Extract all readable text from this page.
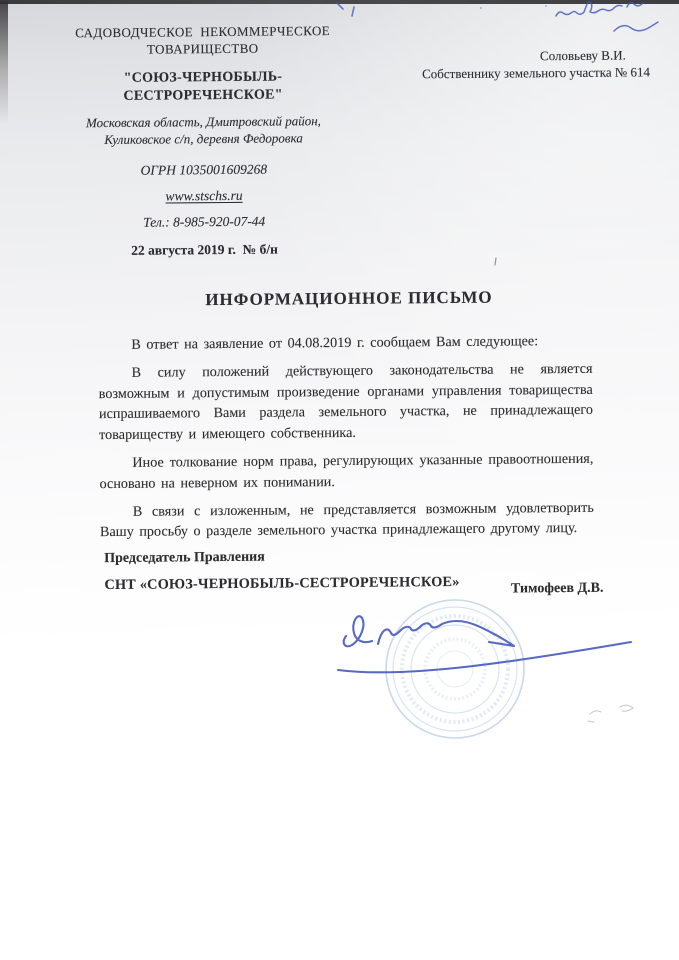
САДОВОДЧЕСКОЕ  НЕКОММЕРЧЕСКОЕ
ТОВАРИЩЕСТВО
"СОЮЗ-ЧЕРНОБЫЛЬ-
СЕСТРОРЕЧЕНСКОЕ"
Московская область, Дмитровский район,
Куликовское с/п, деревня Федоровка
ОГРН 1035001609268
www.stschs.ru
Тел.: 8-985-920-07-44
22 августа 2019 г.  № б/н
Соловьеву В.И.
Собственнику земельного участка № 614
ИНФОРМАЦИОННОЕ ПИСЬМО

В ответ на заявление от 04.08.2019 г. сообщаем Вам следующее:

В силу положений действующего законодательства не является возможным и допустимым произведение органами управления товарищества испрашиваемого Вами раздела земельного участка, не принадлежащего товариществу и имеющего собственника.

Иное толкование норм права, регулирующих указанные правоотношения, основано на неверном их понимании.

В связи с изложенным, не представляется возможным удовлетворить Вашу просьбу о разделе земельного участка принадлежащего другому лицу.

Председатель Правления
СНТ «СОЮЗ-ЧЕРНОБЫЛЬ-СЕСТРОРЕЧЕНСКОЕ»	Тимофеев Д.В.
